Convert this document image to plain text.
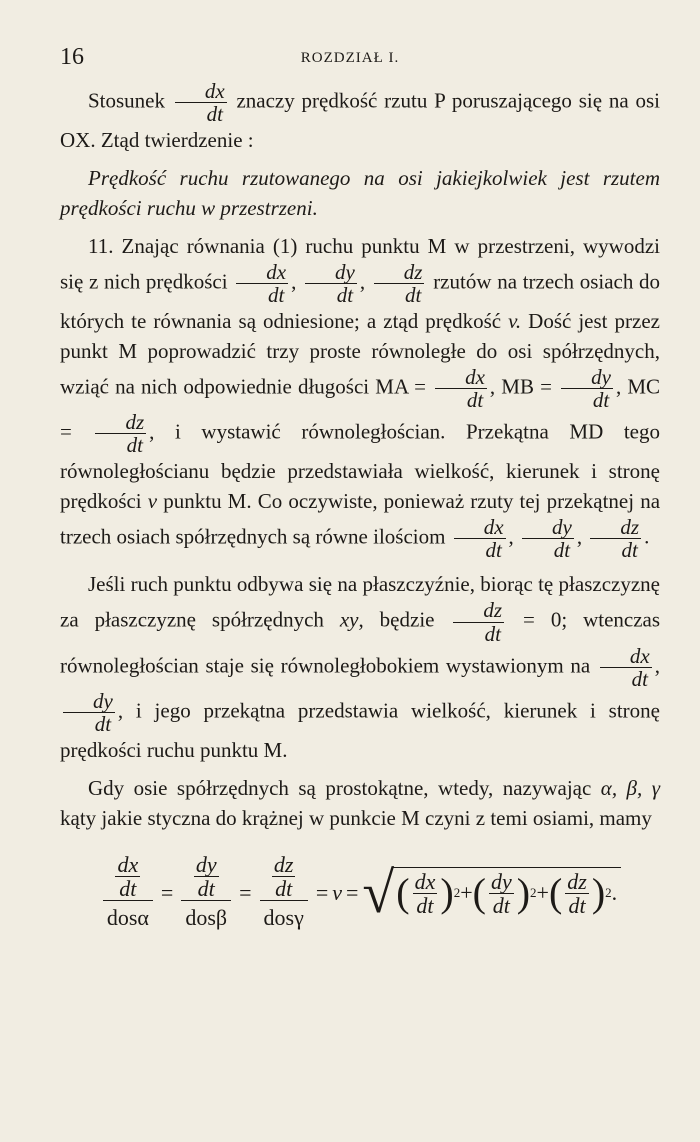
16	ROZDZIAŁ I.

Stosunek $\frac{dx}{dt}$ znaczy prędkość rzutu P poruszającego się na osi OX. Ztąd twierdzenie :

Prędkość ruchu rzutowanego na osi jakiejkolwiek jest rzutem prędkości ruchu w przestrzeni.

11. Znając równania (1) ruchu punktu M w przestrzeni, wywodzi się z nich prędkości $\frac{dx}{dt}$ , $\frac{dy}{dt}$ , $\frac{dz}{dt}$ rzutów na trzech osiach do których te równania są odniesione; a ztąd prędkość v. Dość jest przez punkt M poprowadzić trzy proste równoległe do osi spółrzędnych, wziąć na nich odpowiednie długości MA = $\frac{dx}{dt}$ , MB = $\frac{dy}{dt}$ , MC = $\frac{dz}{dt}$ , i wystawić równoległościan. Przekątna MD tego równoległościanu będzie przedstawiała wielkość, kierunek i stronę prędkości v punktu M. Co oczywiste, ponieważ rzuty tej przekątnej na trzech osiach spółrzędnych są równe ilościom $\frac{dx}{dt}$ , $\frac{dy}{dt}$ , $\frac{dz}{dt}$ .

Jeśli ruch punktu odbywa się na płaszczyźnie, biorąc tę płaszczyznę za płaszczyznę spółrzędnych xy, będzie $\frac{dz}{dt} = 0$; wtenczas równoległościan staje się równoległobokiem wystawionym na $\frac{dx}{dt}$ ,
$\frac{dy}{dt}$ , i jego przekątna przedstawia wielkość, kierunek i stronę prędkości ruchu punktu M.

Gdy osie spółrzędnych są prostokątne, wtedy, nazywając α, β, γ kąty jakie styczna do krążnej w punkcie M czyni z temi osiami, mamy

$\frac{dx}{dt}$
dosα
= $\frac{dy}{dt}$
dosβ
= $\frac{dz}{dt}$
dosγ
= v = √ ( $\frac{dx}{dt}$ ) 2 + ( $\frac{dy}{dt}$ ) 2 + ( $\frac{dz}{dt}$ ) 2 .
